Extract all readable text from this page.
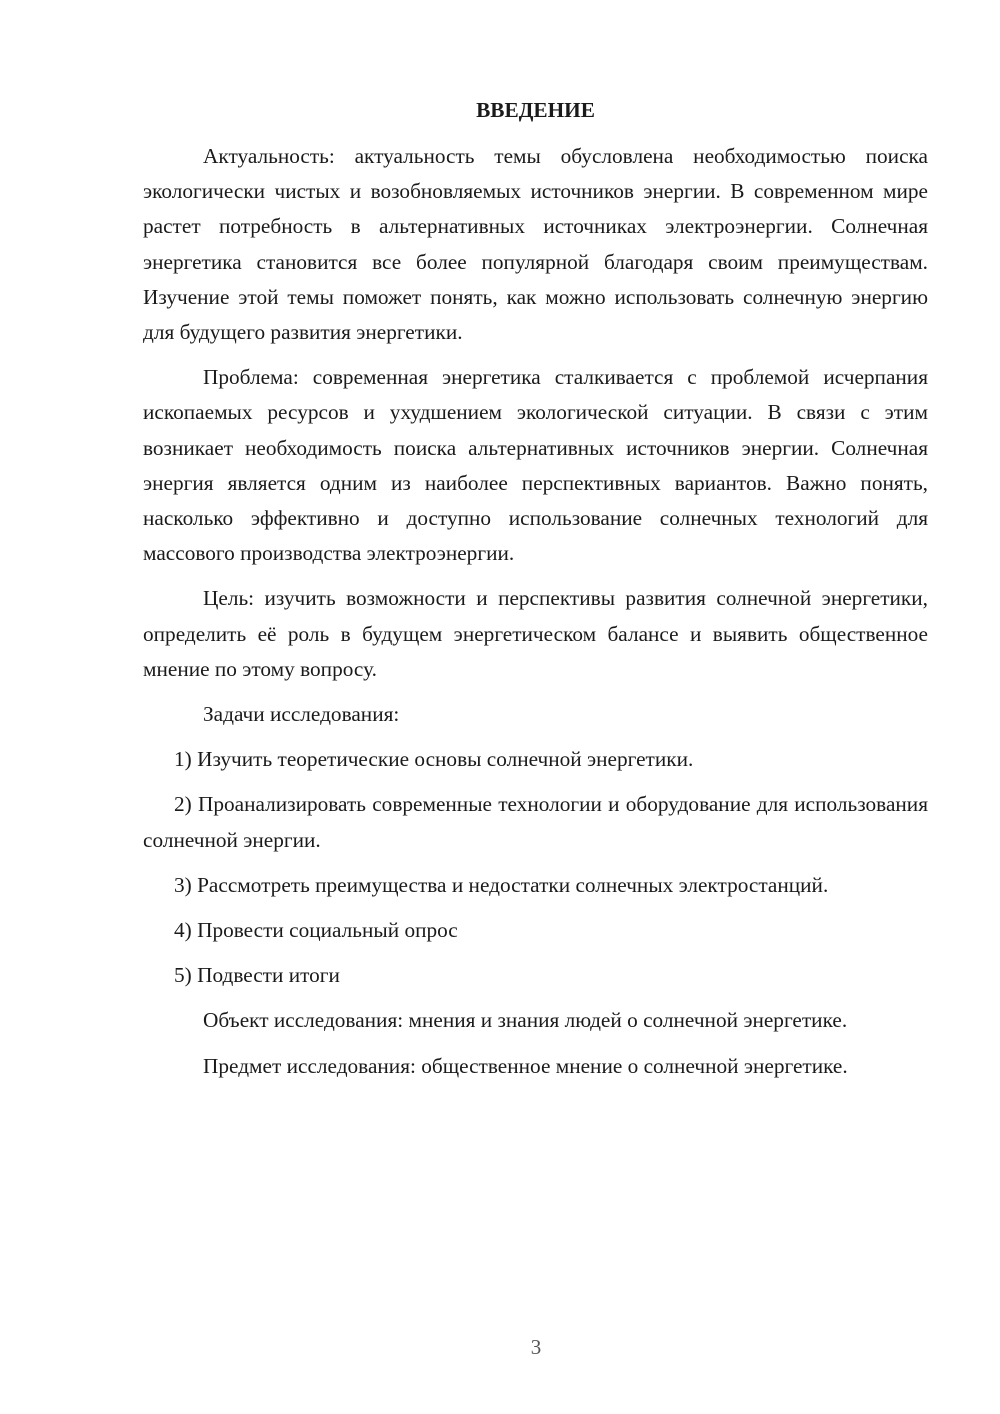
ВВЕДЕНИЕ

Актуальность: актуальность темы обусловлена необходимостью поиска экологически чистых и возобновляемых источников энергии. В современном мире растет потребность в альтернативных источниках электроэнергии. Солнечная энергетика становится все более популярной благодаря своим преимуществам. Изучение этой темы поможет понять, как можно использовать солнечную энергию для будущего развития энергетики.

Проблема: современная энергетика сталкивается с проблемой исчерпания ископаемых ресурсов и ухудшением экологической ситуации. В связи с этим возникает необходимость поиска альтернативных источников энергии. Солнечная энергия является одним из наиболее перспективных вариантов. Важно понять, насколько эффективно и доступно использование солнечных технологий для массового производства электроэнергии.

Цель: изучить возможности и перспективы развития солнечной энергетики, определить её роль в будущем энергетическом балансе и выявить общественное мнение по этому вопросу.

Задачи исследования:

1) Изучить теоретические основы солнечной энергетики.

2) Проанализировать современные технологии и оборудование для использования солнечной энергии.

3) Рассмотреть преимущества и недостатки солнечных электростанций.

4) Провести социальный опрос

5) Подвести итоги

Объект исследования: мнения и знания людей о солнечной энергетике.

Предмет исследования: общественное мнение о солнечной энергетике.

3
